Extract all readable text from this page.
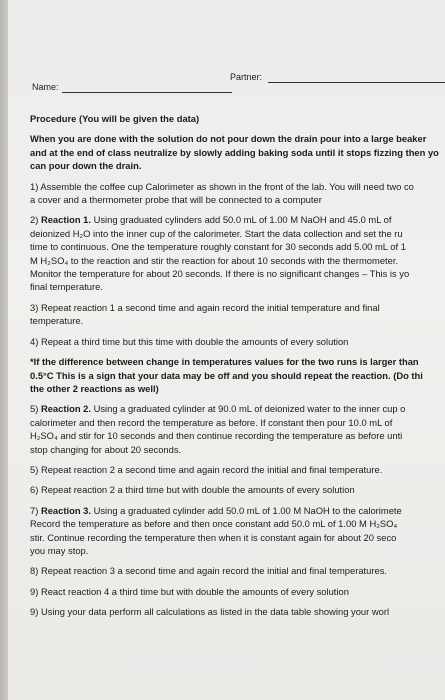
Name:
Partner:
Procedure (You will be given the data)
When you are done with the solution do not pour down the drain pour into a large beaker
and at the end of class neutralize by slowly adding baking soda until it stops fizzing then yo
can pour down the drain.
1) Assemble the coffee cup Calorimeter as shown in the front of the lab. You will need two co
a cover and a thermometer probe that will be connected to a computer
2) Reaction 1. Using graduated cylinders add 50.0 mL of 1.00 M NaOH and 45.0 mL of
deionized H₂O into the inner cup of the calorimeter. Start the data collection and set the ru
time to continuous. One the temperature roughly constant for 30 seconds add 5.00 mL of 1
M H₂SO₄ to the reaction and stir the reaction for about 10 seconds with the thermometer.
Monitor the temperature for about 20 seconds. If there is no significant changes – This is yo
final temperature.
3) Repeat reaction 1 a second time and again record the initial temperature and final
temperature.
4) Repeat a third time but this time with double the amounts of every solution
*If the difference between change in temperatures values for the two runs is larger than
0.5°C This is a sign that your data may be off and you should repeat the reaction. (Do thi
the other 2 reactions as well)
5) Reaction 2. Using a graduated cylinder at 90.0 mL of deionized water to the inner cup o
calorimeter and then record the temperature as before. If constant then pour 10.0 mL of
H₂SO₄ and stir for 10 seconds and then continue recording the temperature as before unti
stop changing for about 20 seconds.
5) Repeat reaction 2 a second time and again record the initial and final temperature.
6) Repeat reaction 2 a third time but with double the amounts of every solution
7) Reaction 3. Using a graduated cylinder add 50.0 mL of 1.00 M NaOH to the calorimete
Record the temperature as before and then once constant add 50.0 mL of 1.00 M H₂SO₄
stir. Continue recording the temperature then when it is constant again for about 20 seco
you may stop.
8) Repeat reaction 3 a second time and again record the initial and final temperatures.
9) React reaction 4 a third time but with double the amounts of every solution
9) Using your data perform all calculations as listed in the data table showing your worl
